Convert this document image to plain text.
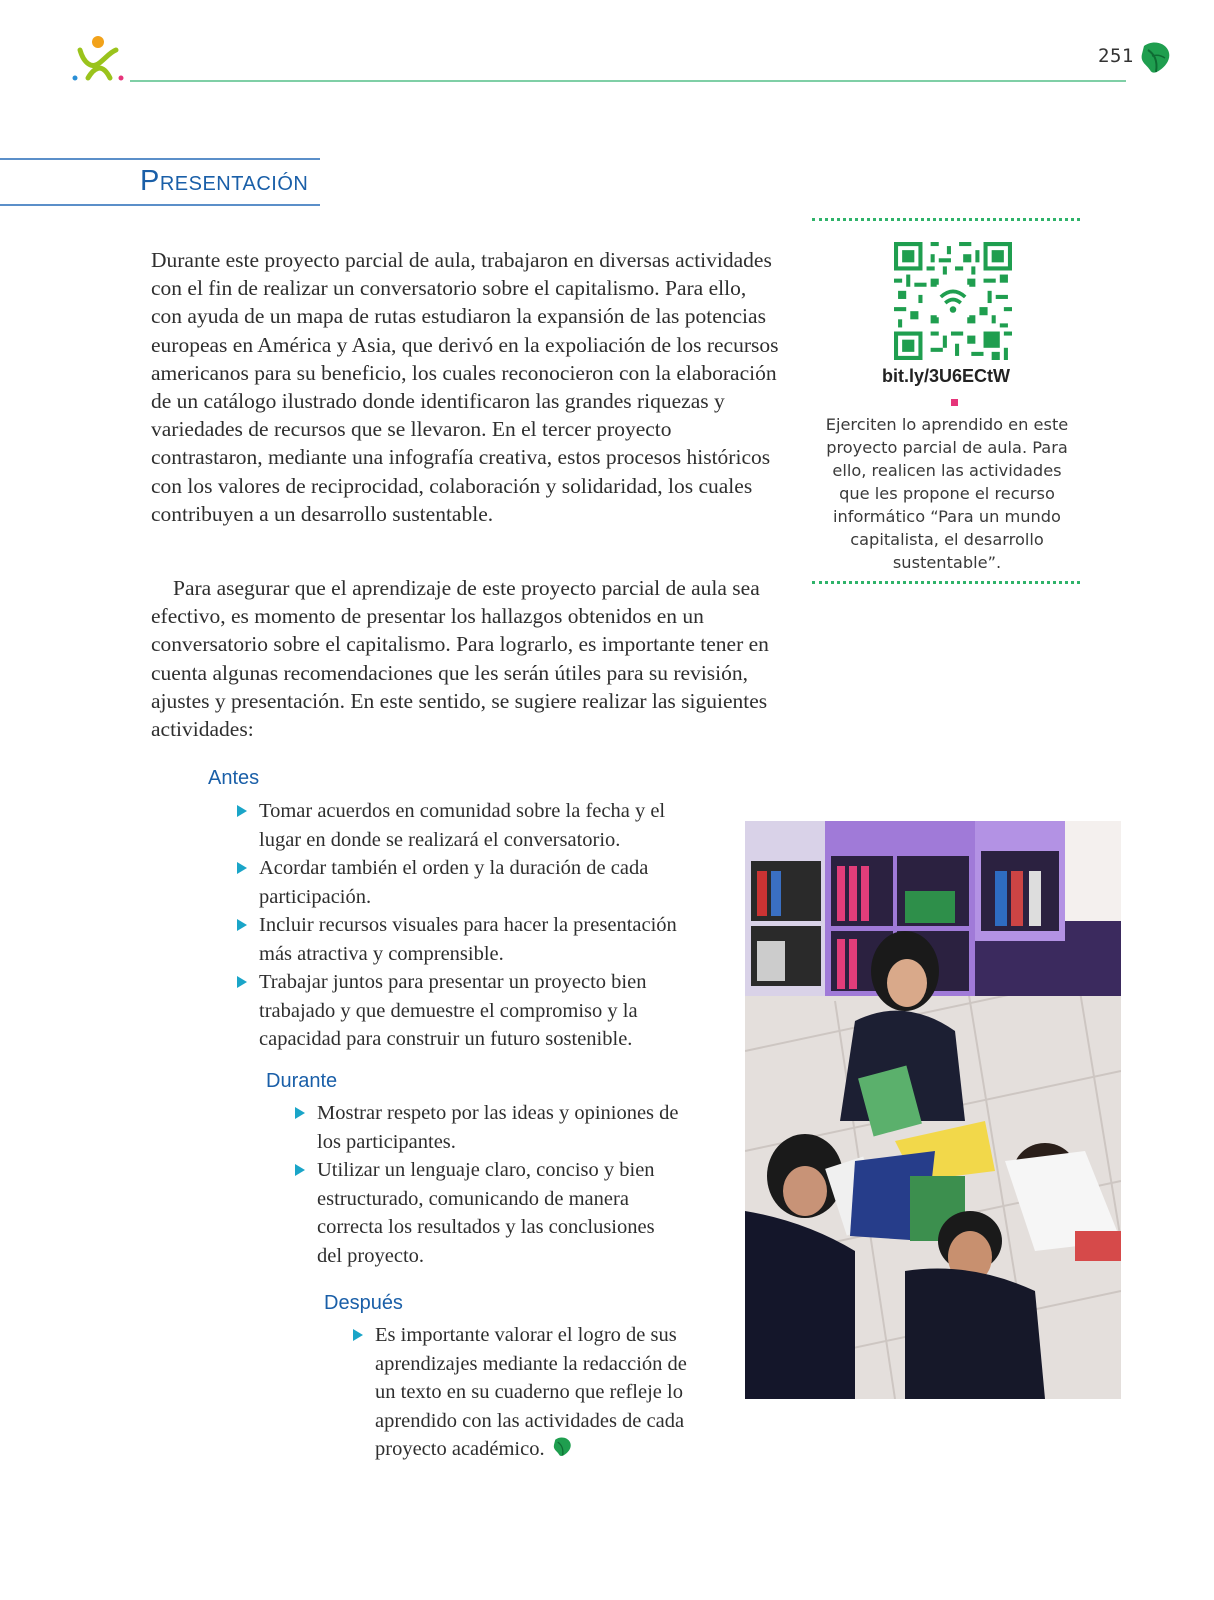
251
Presentación

Durante este proyecto parcial de aula, trabajaron en diversas actividades con el fin de realizar un conversatorio sobre el capitalismo. Para ello, con ayuda de un mapa de rutas estudiaron la expansión de las potencias europeas en América y Asia, que derivó en la expoliación de los recursos americanos para su beneficio, los cuales reconocieron con la elaboración de un catálogo ilustrado donde identificaron las grandes riquezas y variedades de recursos que se llevaron. En el tercer proyecto contrastaron, mediante una infografía creativa, estos procesos históricos con los valores de reciprocidad, colaboración y solidaridad, los cuales contribuyen a un desarrollo sustentable.

Para asegurar que el aprendizaje de este proyecto parcial de aula sea efectivo, es momento de presentar los hallazgos obtenidos en un conversatorio sobre el capitalismo. Para lograrlo, es importante tener en cuenta algunas recomendaciones que les serán útiles para su revisión, ajustes y presentación. En este sentido, se sugiere realizar las siguientes actividades:

Antes
Tomar acuerdos en comunidad sobre la fecha y el lugar en donde se realizará el conversatorio.
Acordar también el orden y la duración de cada participación.
Incluir recursos visuales para hacer la presentación más atractiva y comprensible.
Trabajar juntos para presentar un proyecto bien trabajado y que demuestre el compromiso y la capacidad para construir un futuro sostenible.
Durante
Mostrar respeto por las ideas y opiniones de los participantes.
Utilizar un lenguaje claro, conciso y bien estructurado, comunicando de manera correcta los resultados y las conclusiones del proyecto.
Después
Es importante valorar el logro de sus aprendizajes mediante la redacción de un texto en su cuaderno que refleje lo aprendido con las actividades de cada proyecto académico.
bit.ly/3U6ECtW
Ejerciten lo aprendido en este proyecto parcial de aula. Para ello, realicen las actividades que les propone el recurso informático “Para un mundo capitalista, el desarrollo sustentable”.
